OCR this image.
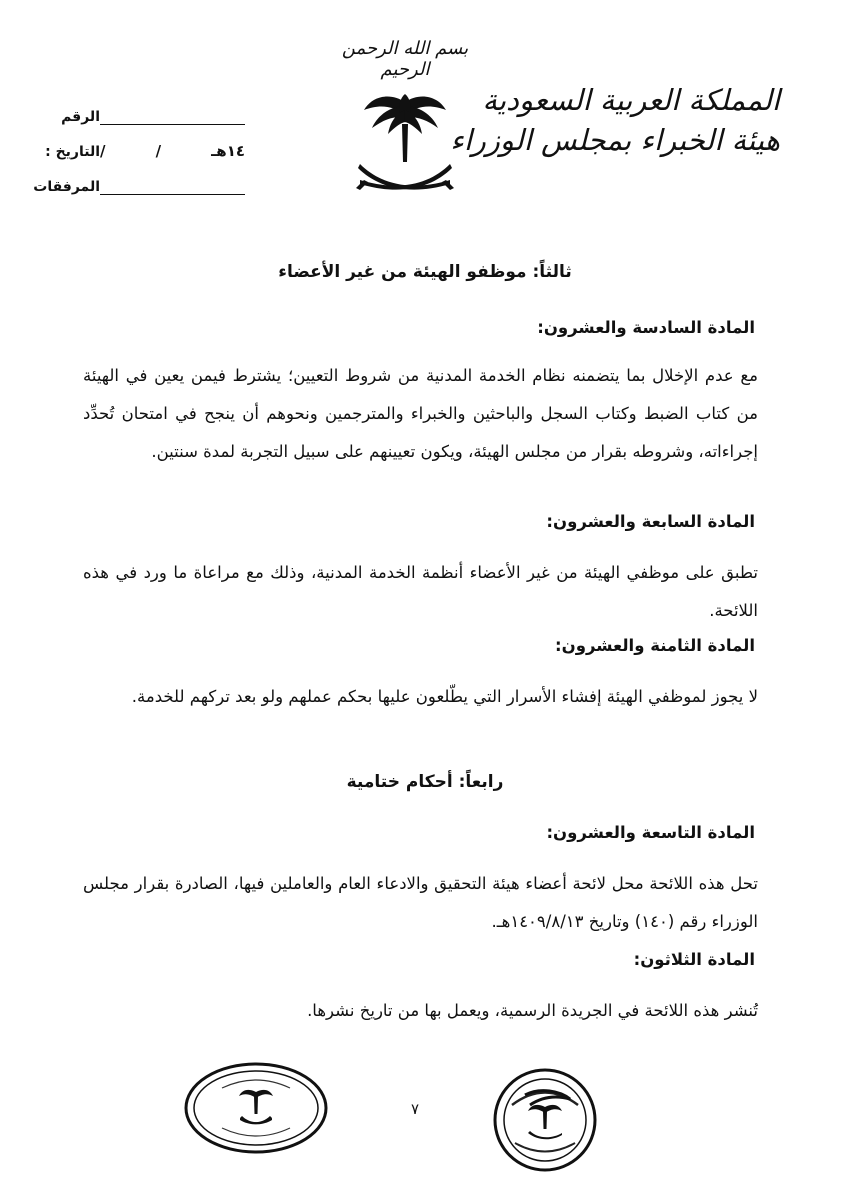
بسم الله الرحمن الرحيم
المملكة العربية السعودية
هيئة الخبراء بمجلس الوزراء
الرقم
التاريخ : /	/	١٤هـ
المرفقات
ثالثاً: موظفو الهيئة من غير الأعضاء
المادة السادسة والعشرون:

مع عدم الإخلال بما يتضمنه نظام الخدمة المدنية من شروط التعيين؛ يشترط فيمن يعين في الهيئة من كتاب الضبط وكتاب السجل والباحثين والخبراء والمترجمين ونحوهم أن ينجح في امتحان تُحدِّد إجراءاته، وشروطه بقرار من مجلس الهيئة، ويكون تعيينهم على سبيل التجربة لمدة سنتين.

المادة السابعة والعشرون:

تطبق على موظفي الهيئة من غير الأعضاء أنظمة الخدمة المدنية، وذلك مع مراعاة ما ورد في هذه اللائحة.

المادة الثامنة والعشرون:

لا يجوز لموظفي الهيئة إفشاء الأسرار التي يطّلعون عليها بحكم عملهم ولو بعد تركهم للخدمة.

رابعاً: أحكام ختامية
المادة التاسعة والعشرون:

تحل هذه اللائحة محل لائحة أعضاء هيئة التحقيق والادعاء العام والعاملين فيها، الصادرة بقرار مجلس الوزراء رقم (١٤٠) وتاريخ ١٤٠٩/٨/١٣هـ.

المادة الثلاثون:

تُنشر هذه اللائحة في الجريدة الرسمية، ويعمل بها من تاريخ نشرها.

٧
